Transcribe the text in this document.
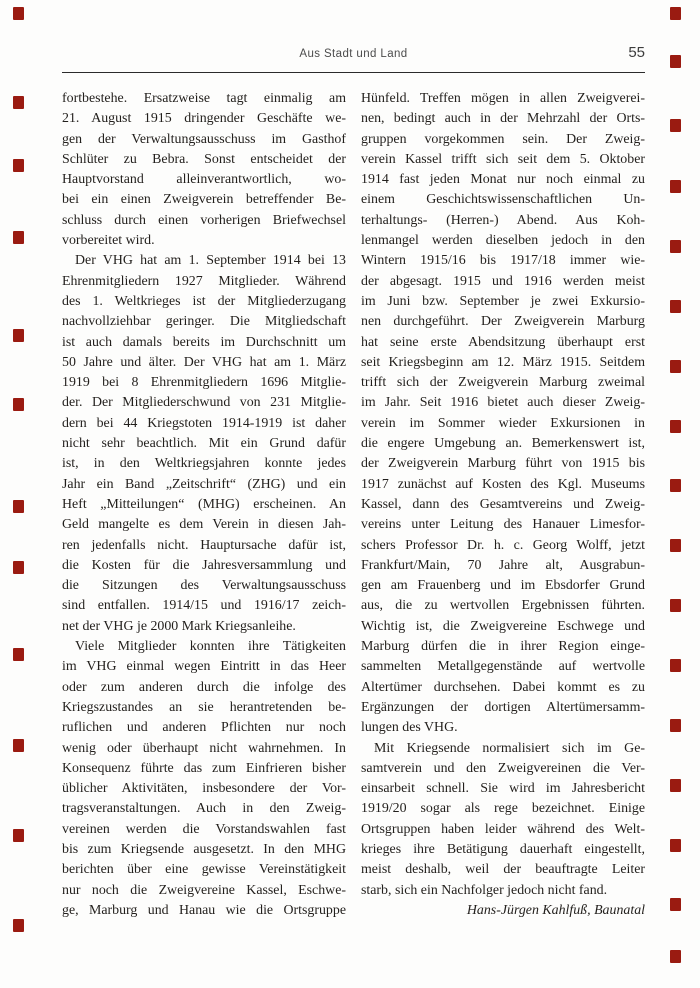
Aus Stadt und Land	55
fortbestehe. Ersatzweise tagt einmalig am
21. August 1915 dringender Geschäfte we-
gen der Verwaltungsausschuss im Gasthof
Schlüter zu Bebra. Sonst entscheidet der
Hauptvorstand alleinverantwortlich, wo-
bei ein einen Zweigverein betreffender Be-
schluss durch einen vorherigen Briefwechsel
vorbereitet wird.
Der VHG hat am 1. September 1914 bei 13
Ehrenmitgliedern 1927 Mitglieder. Während
des 1. Weltkrieges ist der Mitgliederzugang
nachvollziehbar geringer. Die Mitgliedschaft
ist auch damals bereits im Durchschnitt um
50 Jahre und älter. Der VHG hat am 1. März
1919 bei 8 Ehrenmitgliedern 1696 Mitglie-
der. Der Mitgliederschwund von 231 Mitglie-
dern bei 44 Kriegstoten 1914-1919 ist daher
nicht sehr beachtlich. Mit ein Grund dafür
ist, in den Weltkriegsjahren konnte jedes
Jahr ein Band „Zeitschrift“ (ZHG) und ein
Heft „Mitteilungen“ (MHG) erscheinen. An
Geld mangelte es dem Verein in diesen Jah-
ren jedenfalls nicht. Hauptursache dafür ist,
die Kosten für die Jahresversammlung und
die Sitzungen des Verwaltungsausschuss
sind entfallen. 1914/15 und 1916/17 zeich-
net der VHG je 2000 Mark Kriegsanleihe.
Viele Mitglieder konnten ihre Tätigkeiten
im VHG einmal wegen Eintritt in das Heer
oder zum anderen durch die infolge des
Kriegszustandes an sie herantretenden be-
ruflichen und anderen Pflichten nur noch
wenig oder überhaupt nicht wahrnehmen. In
Konsequenz führte das zum Einfrieren bisher
üblicher Aktivitäten, insbesondere der Vor-
tragsveranstaltungen. Auch in den Zweig-
vereinen werden die Vorstandswahlen fast
bis zum Kriegsende ausgesetzt. In den MHG
berichten über eine gewisse Vereinstätigkeit
nur noch die Zweigvereine Kassel, Eschwe-
ge, Marburg und Hanau wie die Ortsgruppe
Hünfeld. Treffen mögen in allen Zweigverei-
nen, bedingt auch in der Mehrzahl der Orts-
gruppen vorgekommen sein. Der Zweig-
verein Kassel trifft sich seit dem 5. Oktober
1914 fast jeden Monat nur noch einmal zu
einem Geschichtswissenschaftlichen Un-
terhaltungs- (Herren-) Abend. Aus Koh-
lenmangel werden dieselben jedoch in den
Wintern 1915/16 bis 1917/18 immer wie-
der abgesagt. 1915 und 1916 werden meist
im Juni bzw. September je zwei Exkursio-
nen durchgeführt. Der Zweigverein Marburg
hat seine erste Abendsitzung überhaupt erst
seit Kriegsbeginn am 12. März 1915. Seitdem
trifft sich der Zweigverein Marburg zweimal
im Jahr. Seit 1916 bietet auch dieser Zweig-
verein im Sommer wieder Exkursionen in
die engere Umgebung an. Bemerkenswert ist,
der Zweigverein Marburg führt von 1915 bis
1917 zunächst auf Kosten des Kgl. Museums
Kassel, dann des Gesamtvereins und Zweig-
vereins unter Leitung des Hanauer Limesfor-
schers Professor Dr. h. c. Georg Wolff, jetzt
Frankfurt/Main, 70 Jahre alt, Ausgrabun-
gen am Frauenberg und im Ebsdorfer Grund
aus, die zu wertvollen Ergebnissen führten.
Wichtig ist, die Zweigvereine Eschwege und
Marburg dürfen die in ihrer Region einge-
sammelten Metallgegenstände auf wertvolle
Altertümer durchsehen. Dabei kommt es zu
Ergänzungen der dortigen Altertümersamm-
lungen des VHG.
Mit Kriegsende normalisiert sich im Ge-
samtverein und den Zweigvereinen die Ver-
einsarbeit schnell. Sie wird im Jahresbericht
1919/20 sogar als rege bezeichnet. Einige
Ortsgruppen haben leider während des Welt-
krieges ihre Betätigung dauerhaft eingestellt,
meist deshalb, weil der beauftragte Leiter
starb, sich ein Nachfolger jedoch nicht fand.
Hans-Jürgen Kahlfuß, Baunatal
